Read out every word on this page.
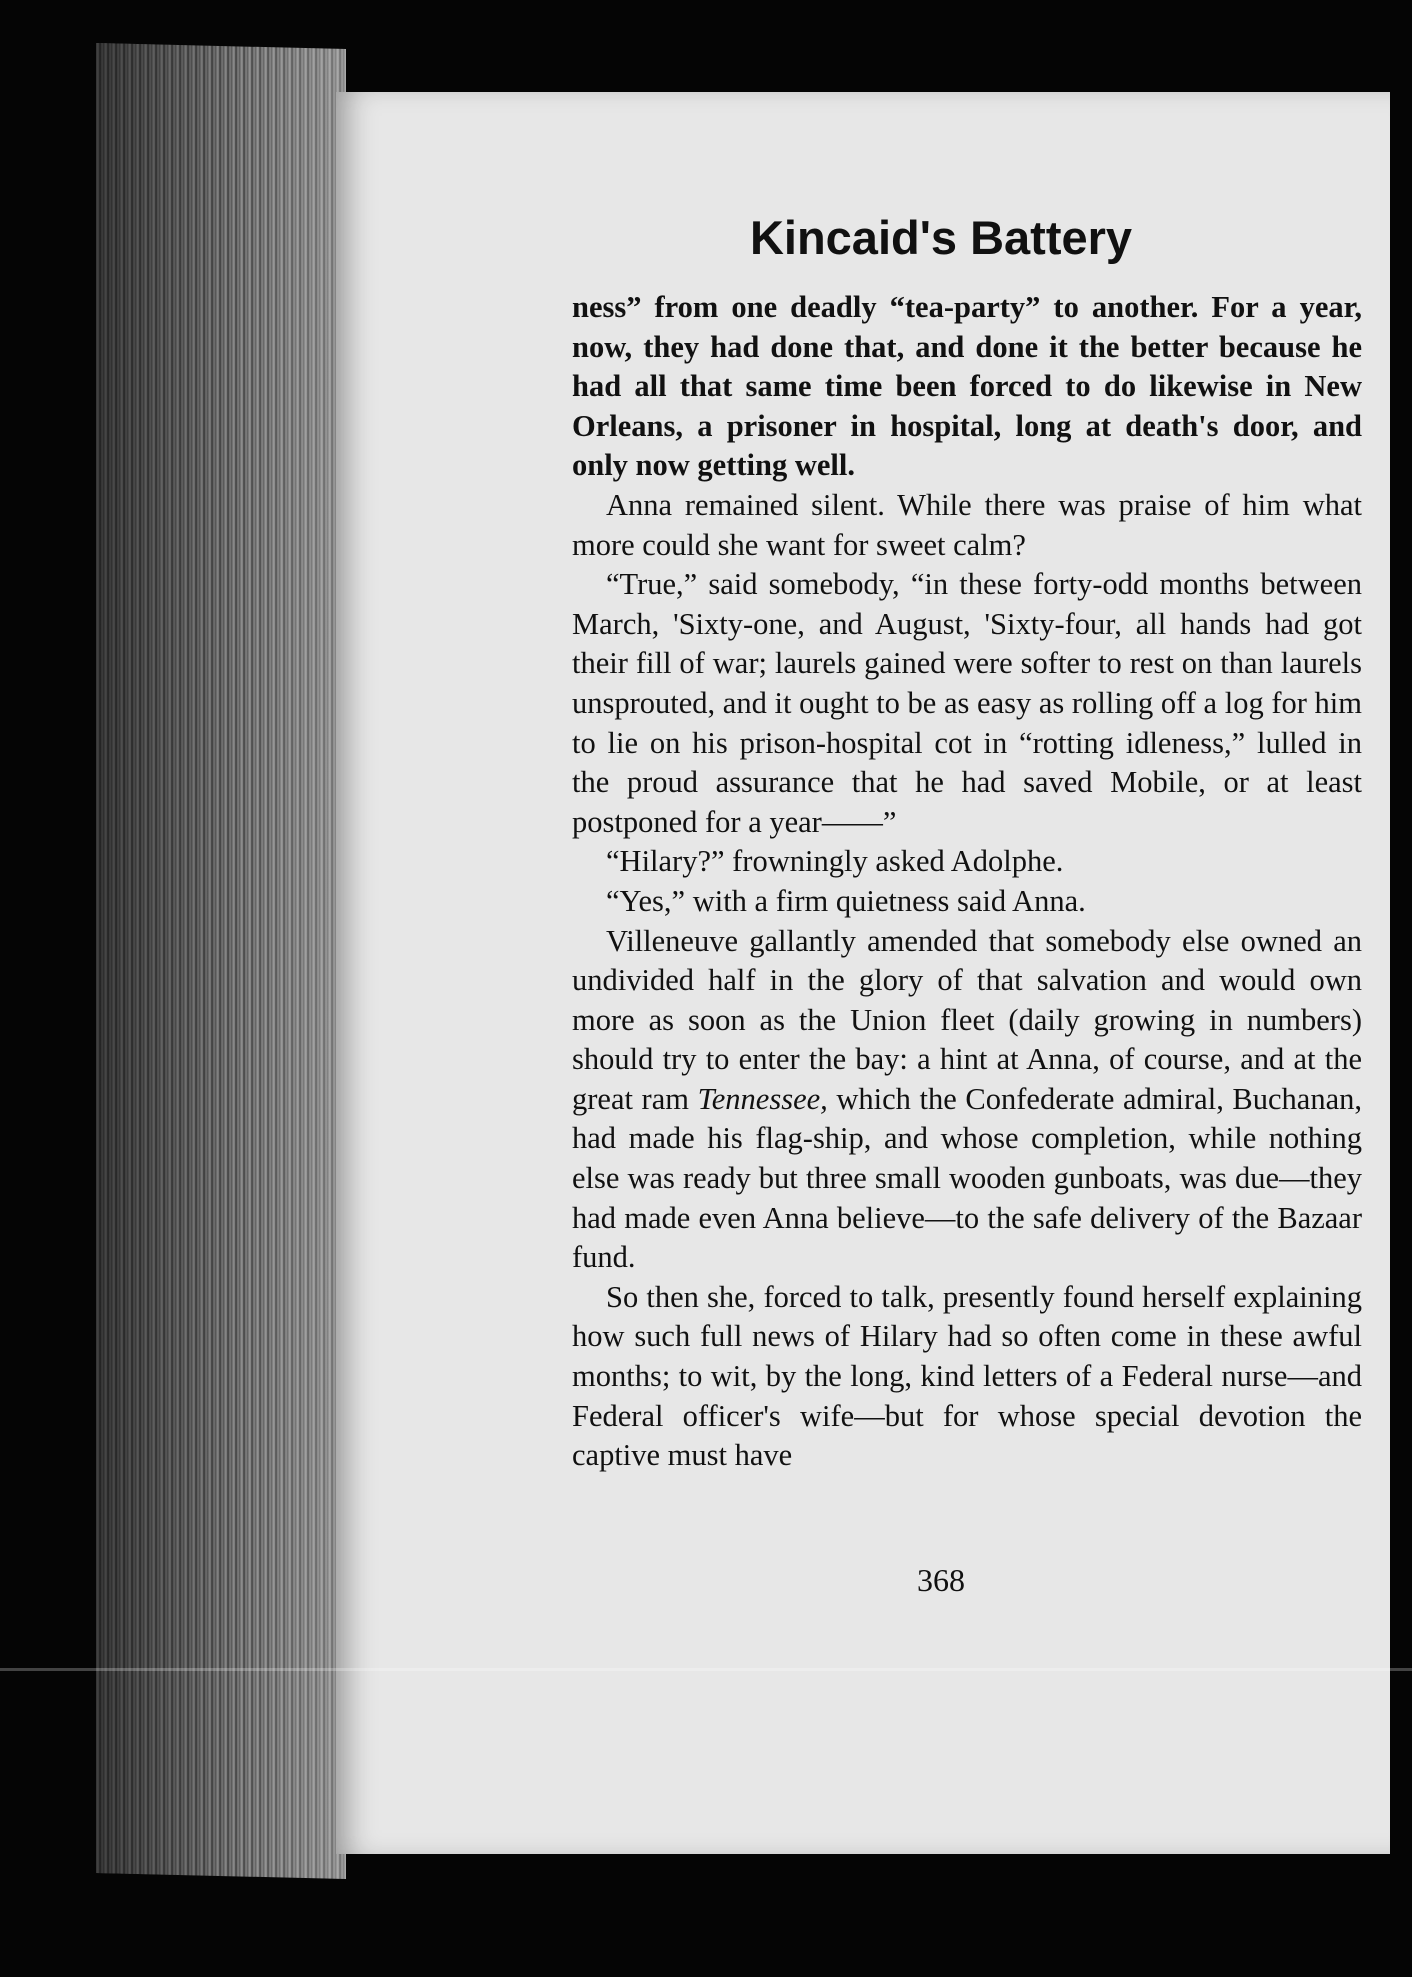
Kincaid's Battery

ness” from one deadly “tea-party” to another. For a year, now, they had done that, and done it the better because he had all that same time been forced to do likewise in New Orleans, a prisoner in hospital, long at death's door, and only now getting well.

Anna remained silent. While there was praise of him what more could she want for sweet calm?

“True,” said somebody, “in these forty-odd months between March, 'Sixty-one, and August, 'Sixty-four, all hands had got their fill of war; laurels gained were softer to rest on than laurels unsprouted, and it ought to be as easy as rolling off a log for him to lie on his prison-hospital cot in “rotting idleness,” lulled in the proud assurance that he had saved Mobile, or at least postponed for a year——”

“Hilary?” frowningly asked Adolphe.

“Yes,” with a firm quietness said Anna.

Villeneuve gallantly amended that somebody else owned an undivided half in the glory of that salvation and would own more as soon as the Union fleet (daily growing in numbers) should try to enter the bay: a hint at Anna, of course, and at the great ram Tennessee, which the Confederate admiral, Buchanan, had made his flag-ship, and whose completion, while nothing else was ready but three small wooden gunboats, was due—they had made even Anna believe—to the safe delivery of the Bazaar fund.

So then she, forced to talk, presently found herself explaining how such full news of Hilary had so often come in these awful months; to wit, by the long, kind letters of a Federal nurse—and Federal officer's wife—but for whose special devotion the captive must have

368
